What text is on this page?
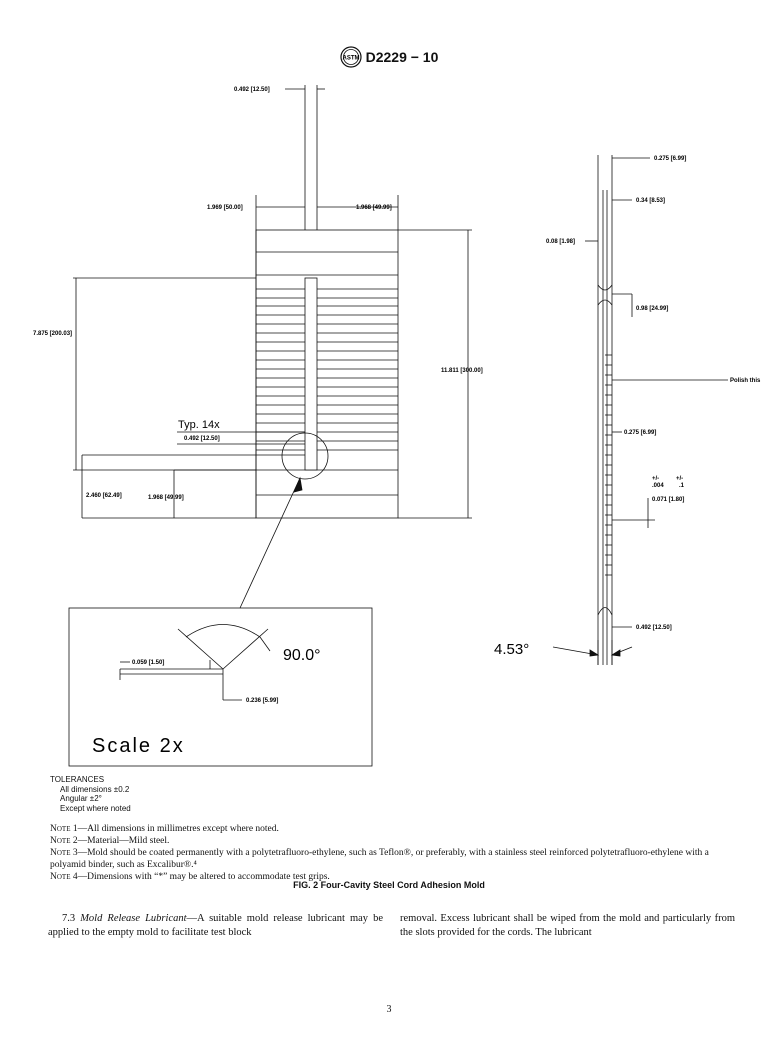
ASTM D2229 − 10
0.492 [12.50]
1.969 [50.00]	1.968 [49.99]
7.875 [200.03]
11.811 [300.00]
Typ. 14x
0.492 [12.50]
2.460 [62.49]	1.968 [49.99]
0.275 [6.99]
0.34 [8.53]
0.08 [1.98]
0.98 [24.99]
Polish this
0.275 [6.99]
+/-.004
+/-.1
0.071 [1.80]
0.492 [12.50]
4.53°
90.0°
0.059 [1.50]
0.236 [5.99]
Scale 2x
TOLERANCES
All dimensions ±0.2
Angular ±2°
Except where noted
Note 1—All dimensions in millimetres except where noted.
Note 2—Material—Mild steel.
Note 3—Mold should be coated permanently with a polytetrafluoro-ethylene, such as Teflon®, or preferably, with a stainless steel reinforced polytetrafluoro-ethylene with a polyamid binder, such as Excalibur®.⁴
Note 4—Dimensions with “*” may be altered to accommodate test grips.
FIG. 2 Four-Cavity Steel Cord Adhesion Mold
7.3 Mold Release Lubricant—A suitable mold release lubricant may be applied to the empty mold to facilitate test block
removal. Excess lubricant shall be wiped from the mold and particularly from the slots provided for the cords. The lubricant
3
